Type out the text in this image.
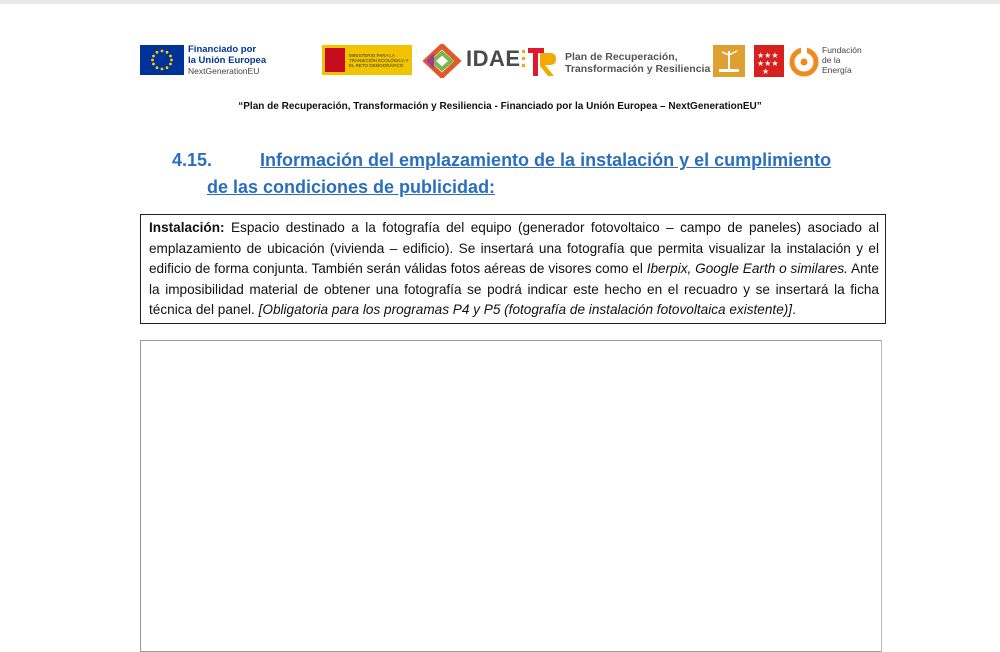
Financiado por
la Unión Europea
NextGenerationEU
MINISTERIO PARA LA TRANSICIÓN ECOLÓGICA Y EL RETO DEMOGRÁFICO	IDAE	Plan de Recuperación,
Transformación y Resiliencia
★★★
★★★
★
Fundación
de la
Energía
“Plan de Recuperación, Transformación y Resiliencia - Financiado por la Unión Europea – NextGenerationEU”
4.15.	Información del emplazamiento de la instalación y el cumplimiento
de las condiciones de publicidad:
Instalación: Espacio destinado a la fotografía del equipo (generador fotovoltaico – campo de paneles) asociado al emplazamiento de ubicación (vivienda – edificio). Se insertará una fotografía que permita visualizar la instalación y el edificio de forma conjunta. También serán válidas fotos aéreas de visores como el Iberpix, Google Earth o similares. Ante la imposibilidad material de obtener una fotografía se podrá indicar este hecho en el recuadro y se insertará la ficha técnica del panel. [Obligatoria para los programas P4 y P5 (fotografía de instalación fotovoltaica existente)].
